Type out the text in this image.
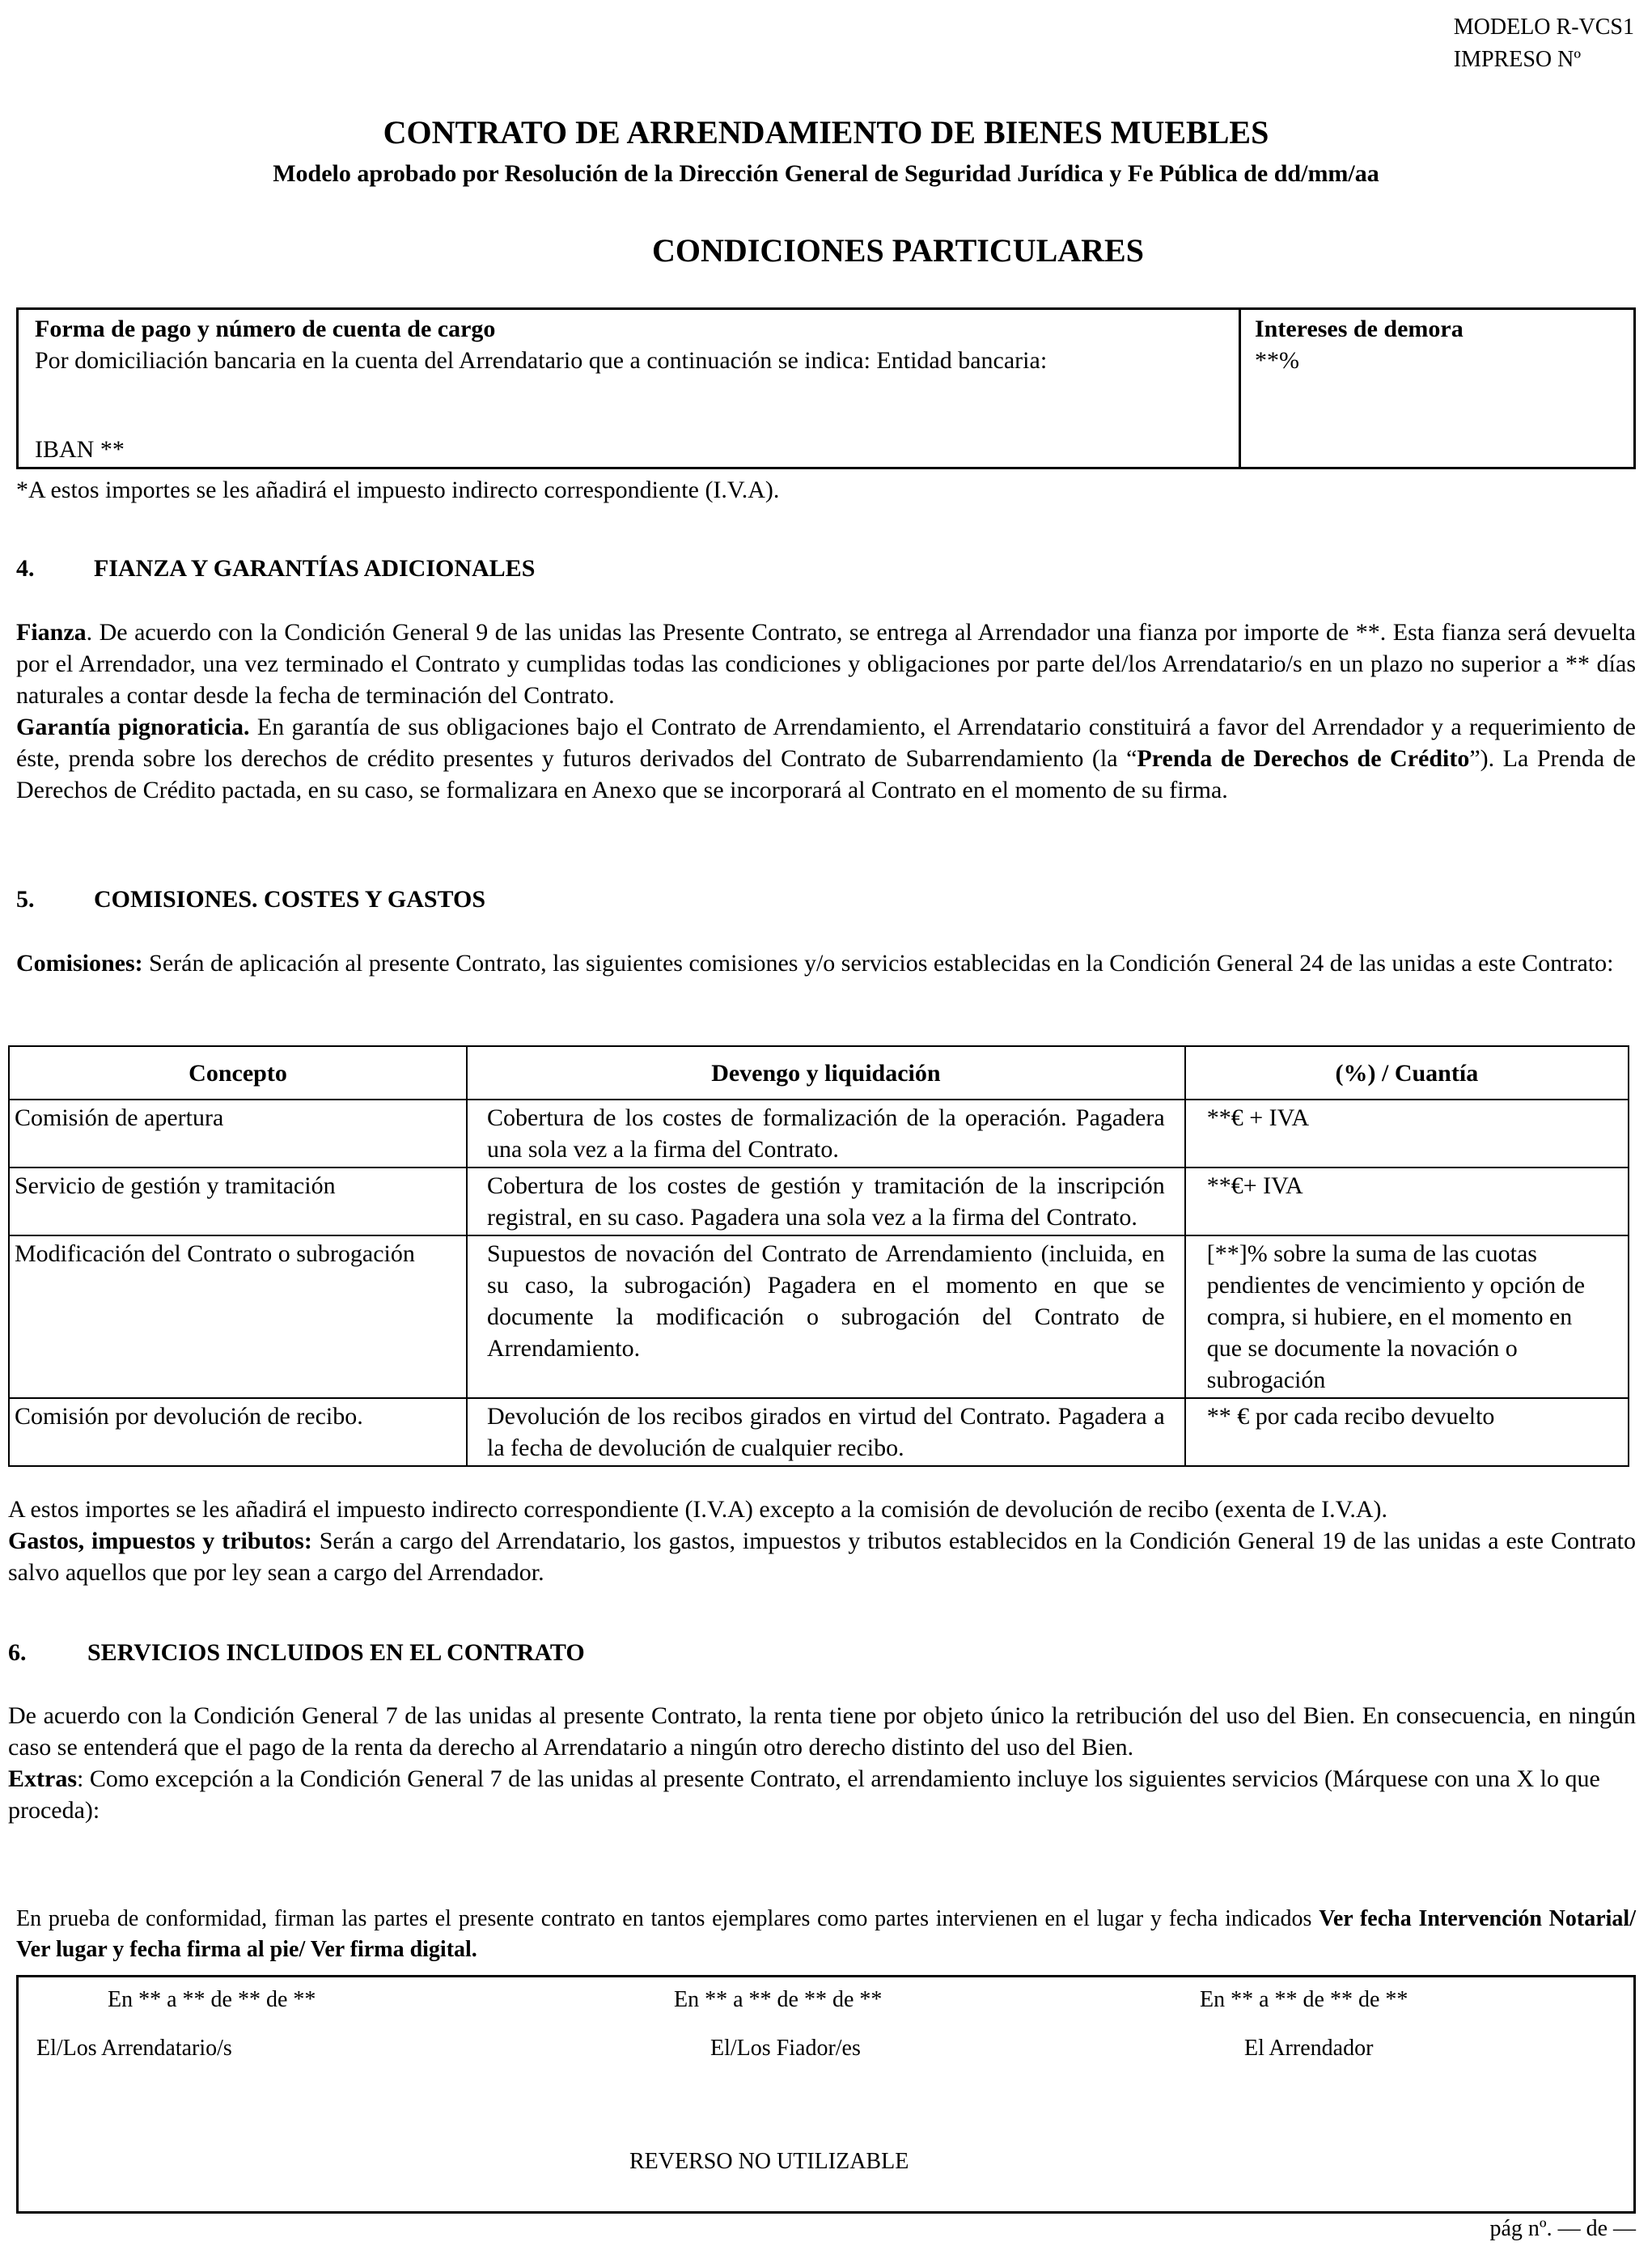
MODELO R-VCS1
IMPRESO Nº
CONTRATO DE ARRENDAMIENTO DE BIENES MUEBLES
Modelo aprobado por Resolución de la Dirección General de Seguridad Jurídica y Fe Pública de dd/mm/aa
CONDICIONES PARTICULARES
Forma de pago y número de cuenta de cargo
Por domiciliación bancaria en la cuenta del Arrendatario que a continuación se indica: Entidad bancaria:
IBAN **
Intereses de demora
**%
*A estos importes se les añadirá el impuesto indirecto correspondiente (I.V.A).
4. FIANZA Y GARANTÍAS ADICIONALES
Fianza. De acuerdo con la Condición General 9 de las unidas las Presente Contrato, se entrega al Arrendador una fianza por importe de **. Esta fianza será devuelta por el Arrendador, una vez terminado el Contrato y cumplidas todas las condiciones y obligaciones por parte del/los Arrendatario/s en un plazo no superior a ** días naturales a contar desde la fecha de terminación del Contrato.
Garantía pignoraticia. En garantía de sus obligaciones bajo el Contrato de Arrendamiento, el Arrendatario constituirá a favor del Arrendador y a requerimiento de éste, prenda sobre los derechos de crédito presentes y futuros derivados del Contrato de Subarrendamiento (la “Prenda de Derechos de Crédito”). La Prenda de Derechos de Crédito pactada, en su caso, se formalizara en Anexo que se incorporará al Contrato en el momento de su firma.
5. COMISIONES. COSTES Y GASTOS
Comisiones: Serán de aplicación al presente Contrato, las siguientes comisiones y/o servicios establecidas en la Condición General 24 de las unidas a este Contrato:
Concepto	Devengo y liquidación	(%) / Cuantía
Comisión de apertura	Cobertura de los costes de formalización de la operación. Pagadera una sola vez a la firma del Contrato.	**€ + IVA
Servicio de gestión y tramitación	Cobertura de los costes de gestión y tramitación de la inscripción registral, en su caso. Pagadera una sola vez a la firma del Contrato.	**€+ IVA
Modificación del Contrato o subrogación	Supuestos de novación del Contrato de Arrendamiento (incluida, en su caso, la subrogación) Pagadera en el momento en que se documente la modificación o subrogación del Contrato de Arrendamiento.	[**]% sobre la suma de las cuotas pendientes de vencimiento y opción de compra, si hubiere, en el momento en que se documente la novación o subrogación
Comisión por devolución de recibo.	Devolución de los recibos girados en virtud del Contrato. Pagadera a la fecha de devolución de cualquier recibo.	** € por cada recibo devuelto
A estos importes se les añadirá el impuesto indirecto correspondiente (I.V.A) excepto a la comisión de devolución de recibo (exenta de I.V.A).
Gastos, impuestos y tributos: Serán a cargo del Arrendatario, los gastos, impuestos y tributos establecidos en la Condición General 19 de las unidas a este Contrato salvo aquellos que por ley sean a cargo del Arrendador.
6.	SERVICIOS INCLUIDOS EN EL CONTRATO
De acuerdo con la Condición General 7 de las unidas al presente Contrato, la renta tiene por objeto único la retribución del uso del Bien. En consecuencia, en ningún caso se entenderá que el pago de la renta da derecho al Arrendatario a ningún otro derecho distinto del uso del Bien.
Extras: Como excepción a la Condición General 7 de las unidas al presente Contrato, el arrendamiento incluye los siguientes servicios (Márquese con una X lo que proceda):
En prueba de conformidad, firman las partes el presente contrato en tantos ejemplares como partes intervienen en el lugar y fecha indicados Ver fecha Intervención Notarial/ Ver lugar y fecha firma al pie/ Ver firma digital.
En ** a ** de ** de **	En ** a ** de ** de **	En ** a ** de ** de **
El/Los Arrendatario/s	El/Los Fiador/es	El Arrendador
REVERSO NO UTILIZABLE
pág nº. — de —
